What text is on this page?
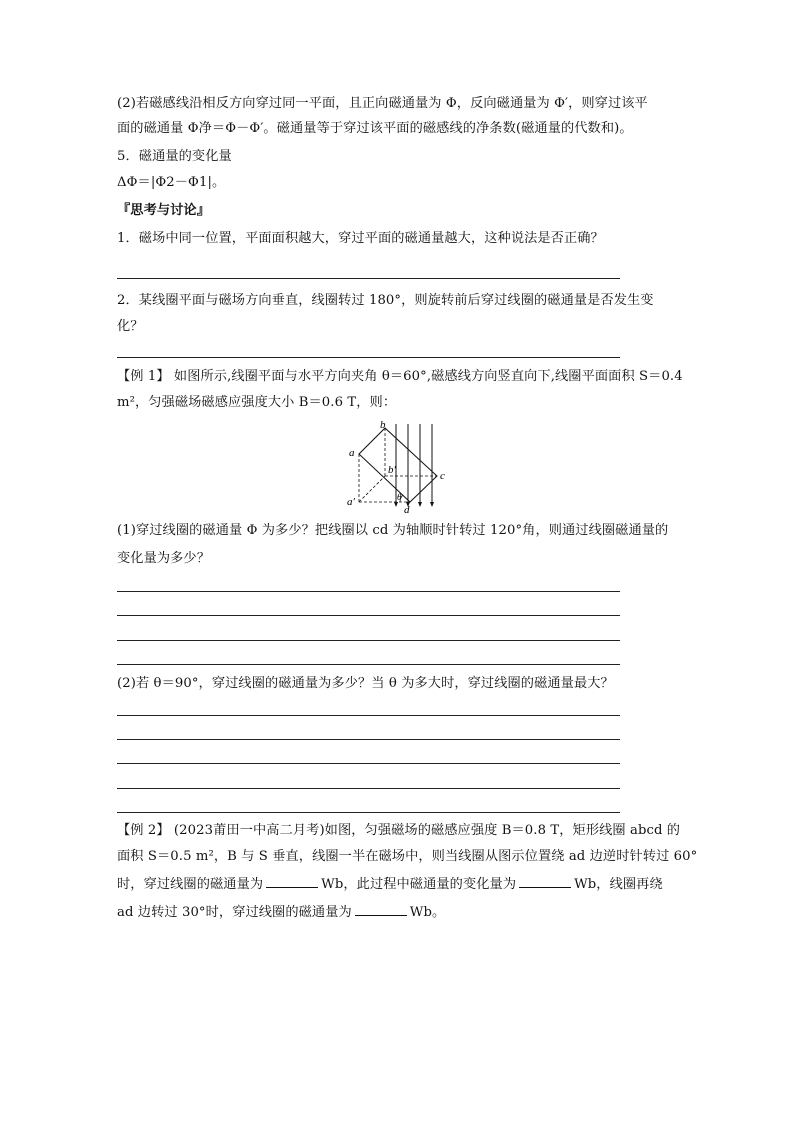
(2)若磁感线沿相反方向穿过同一平面，且正向磁通量为 Φ，反向磁通量为 Φ′，则穿过该平
面的磁通量 Φ净＝Φ－Φ′。磁通量等于穿过该平面的磁感线的净条数(磁通量的代数和)。
5．磁通量的变化量
ΔΦ＝|Φ2－Φ1|。
『思考与讨论』
1．磁场中同一位置，平面面积越大，穿过平面的磁通量越大，这种说法是否正确？
2．某线圈平面与磁场方向垂直，线圈转过 180°，则旋转前后穿过线圈的磁通量是否发生变
化？
【例 1】 如图所示,线圈平面与水平方向夹角 θ＝60°,磁感线方向竖直向下,线圈平面面积 S＝0.4
m²，匀强磁场磁感应强度大小 B＝0.6 T，则：
a
b
c
d
a′
b′
θ
(1)穿过线圈的磁通量 Φ 为多少？把线圈以 cd 为轴顺时针转过 120°角，则通过线圈磁通量的
变化量为多少？
(2)若 θ＝90°，穿过线圈的磁通量为多少？当 θ 为多大时，穿过线圈的磁通量最大？
【例 2】 (2023莆田一中高二月考)如图，匀强磁场的磁感应强度 B＝0.8 T，矩形线圈 abcd 的
面积 S＝0.5 m²，B 与 S 垂直，线圈一半在磁场中，则当线圈从图示位置绕 ad 边逆时针转过 60°
时，穿过线圈的磁通量为	Wb，此过程中磁通量的变化量为	Wb，线圈再绕
ad 边转过 30°时，穿过线圈的磁通量为	Wb。
